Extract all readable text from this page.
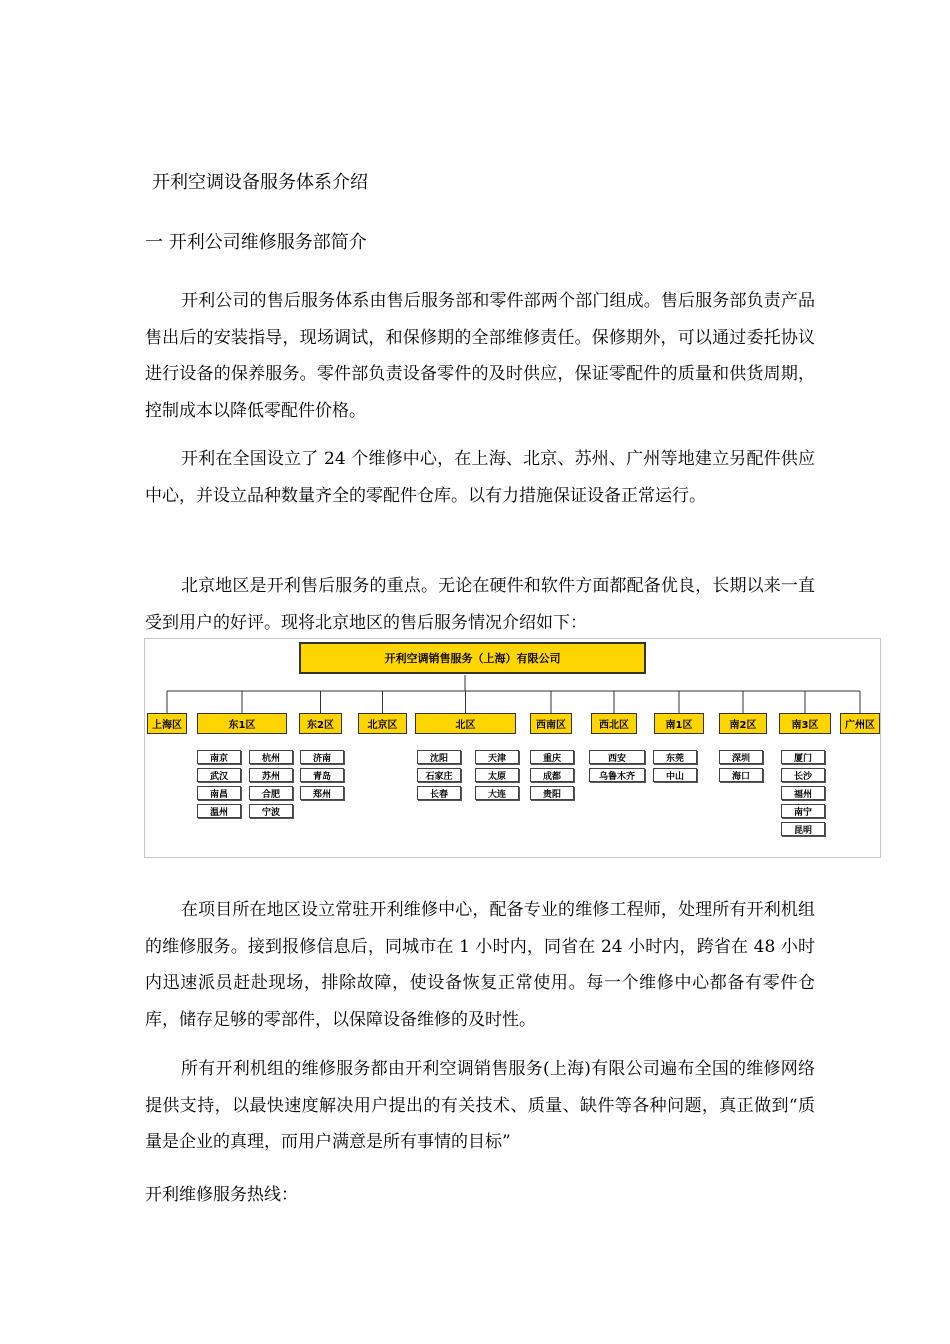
开利空调设备服务体系介绍
一 开利公司维修服务部简介

开利公司的售后服务体系由售后服务部和零件部两个部门组成。售后服务部负责产品售出后的安装指导，现场调试，和保修期的全部维修责任。保修期外，可以通过委托协议进行设备的保养服务。零件部负责设备零件的及时供应，保证零配件的质量和供货周期，控制成本以降低零配件价格。

开利在全国设立了 24 个维修中心，在上海、北京、苏州、广州等地建立另配件供应中心，并设立品种数量齐全的零配件仓库。以有力措施保证设备正常运行。

北京地区是开利售后服务的重点。无论在硬件和软件方面都配备优良，长期以来一直受到用户的好评。现将北京地区的售后服务情况介绍如下：

开利空调销售服务（上海）有限公司
上海区	东1区
南京	杭州
武汉	苏州
南昌	合肥
温州	宁波
东2区
济南
青岛
郑州
北京区	北区
沈阳	天津
石家庄	太原
长春	大连
西南区
重庆
成都
贵阳
西北区
西安
乌鲁木齐
南1区
东莞
中山
南2区
深圳
海口
南3区
厦门
长沙
福州
南宁
昆明
广州区

在项目所在地区设立常驻开利维修中心，配备专业的维修工程师，处理所有开利机组的维修服务。接到报修信息后，同城市在 1 小时内，同省在 24 小时内，跨省在 48 小时内迅速派员赶赴现场，排除故障，使设备恢复正常使用。每一个维修中心都备有零件仓库，储存足够的零部件，以保障设备维修的及时性。

所有开利机组的维修服务都由开利空调销售服务(上海)有限公司遍布全国的维修网络提供支持，以最快速度解决用户提出的有关技术、质量、缺件等各种问题，真正做到“质量是企业的真理，而用户满意是所有事情的目标”

开利维修服务热线：
